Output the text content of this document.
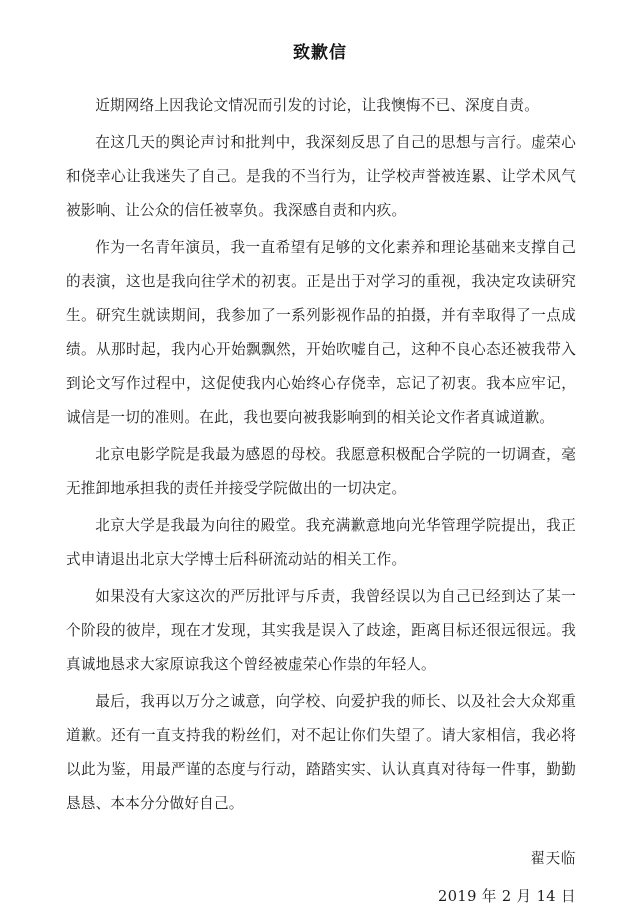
致歉信

近期网络上因我论文情况而引发的讨论，让我懊悔不已、深度自责。

在这几天的舆论声讨和批判中，我深刻反思了自己的思想与言行。虚荣心和侥幸心让我迷失了自己。是我的不当行为，让学校声誉被连累、让学术风气被影响、让公众的信任被辜负。我深感自责和内疚。

作为一名青年演员，我一直希望有足够的文化素养和理论基础来支撑自己的表演，这也是我向往学术的初衷。正是出于对学习的重视，我决定攻读研究生。研究生就读期间，我参加了一系列影视作品的拍摄，并有幸取得了一点成绩。从那时起，我内心开始飘飘然，开始吹嘘自己，这种不良心态还被我带入到论文写作过程中，这促使我内心始终心存侥幸，忘记了初衷。我本应牢记，诚信是一切的准则。在此，我也要向被我影响到的相关论文作者真诚道歉。

北京电影学院是我最为感恩的母校。我愿意积极配合学院的一切调查，毫无推卸地承担我的责任并接受学院做出的一切决定。

北京大学是我最为向往的殿堂。我充满歉意地向光华管理学院提出，我正式申请退出北京大学博士后科研流动站的相关工作。

如果没有大家这次的严厉批评与斥责，我曾经误以为自己已经到达了某一个阶段的彼岸，现在才发现，其实我是误入了歧途，距离目标还很远很远。我真诚地恳求大家原谅我这个曾经被虚荣心作祟的年轻人。

最后，我再以万分之诚意，向学校、向爱护我的师长、以及社会大众郑重道歉。还有一直支持我的粉丝们，对不起让你们失望了。请大家相信，我必将以此为鉴，用最严谨的态度与行动，踏踏实实、认认真真对待每一件事，勤勤恳恳、本本分分做好自己。

翟天临
2019 年 2 月 14 日
